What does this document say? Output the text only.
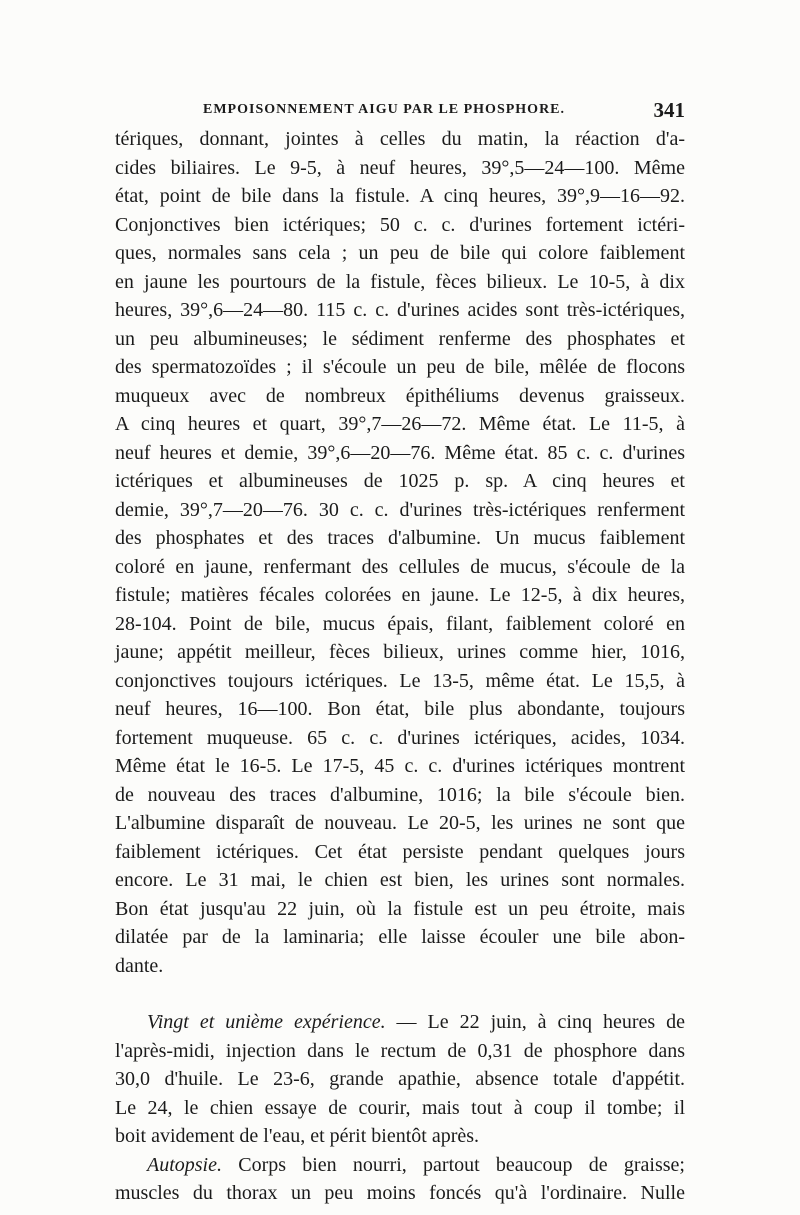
EMPOISONNEMENT AIGU PAR LE PHOSPHORE.	341
tériques, donnant, jointes à celles du matin, la réaction d'a-
cides biliaires. Le 9-5, à neuf heures, 39°,5—24—100. Même
état, point de bile dans la fistule. A cinq heures, 39°,9—16—92.
Conjonctives bien ictériques; 50 c. c. d'urines fortement ictéri-
ques, normales sans cela ; un peu de bile qui colore faiblement
en jaune les pourtours de la fistule, fèces bilieux. Le 10-5, à dix
heures, 39°,6—24—80. 115 c. c. d'urines acides sont très-ictériques,
un peu albumineuses; le sédiment renferme des phosphates et
des spermatozoïdes ; il s'écoule un peu de bile, mêlée de flocons
muqueux avec de nombreux épithéliums devenus graisseux.
A cinq heures et quart, 39°,7—26—72. Même état. Le 11-5, à
neuf heures et demie, 39°,6—20—76. Même état. 85 c. c. d'urines
ictériques et albumineuses de 1025 p. sp. A cinq heures et
demie, 39°,7—20—76. 30 c. c. d'urines très-ictériques renferment
des phosphates et des traces d'albumine. Un mucus faiblement
coloré en jaune, renfermant des cellules de mucus, s'écoule de la
fistule; matières fécales colorées en jaune. Le 12-5, à dix heures,
28-104. Point de bile, mucus épais, filant, faiblement coloré en
jaune; appétit meilleur, fèces bilieux, urines comme hier, 1016,
conjonctives toujours ictériques. Le 13-5, même état. Le 15,5, à
neuf heures, 16—100. Bon état, bile plus abondante, toujours
fortement muqueuse. 65 c. c. d'urines ictériques, acides, 1034.
Même état le 16-5. Le 17-5, 45 c. c. d'urines ictériques montrent
de nouveau des traces d'albumine, 1016; la bile s'écoule bien.
L'albumine disparaît de nouveau. Le 20-5, les urines ne sont que
faiblement ictériques. Cet état persiste pendant quelques jours
encore. Le 31 mai, le chien est bien, les urines sont normales.
Bon état jusqu'au 22 juin, où la fistule est un peu étroite, mais
dilatée par de la laminaria; elle laisse écouler une bile abon-
dante.
Vingt et unième expérience. — Le 22 juin, à cinq heures de
l'après-midi, injection dans le rectum de 0,31 de phosphore dans
30,0 d'huile. Le 23-6, grande apathie, absence totale d'appétit.
Le 24, le chien essaye de courir, mais tout à coup il tombe; il
boit avidement de l'eau, et périt bientôt après.
Autopsie. Corps bien nourri, partout beaucoup de graisse;
muscles du thorax un peu moins foncés qu'à l'ordinaire. Nulle
